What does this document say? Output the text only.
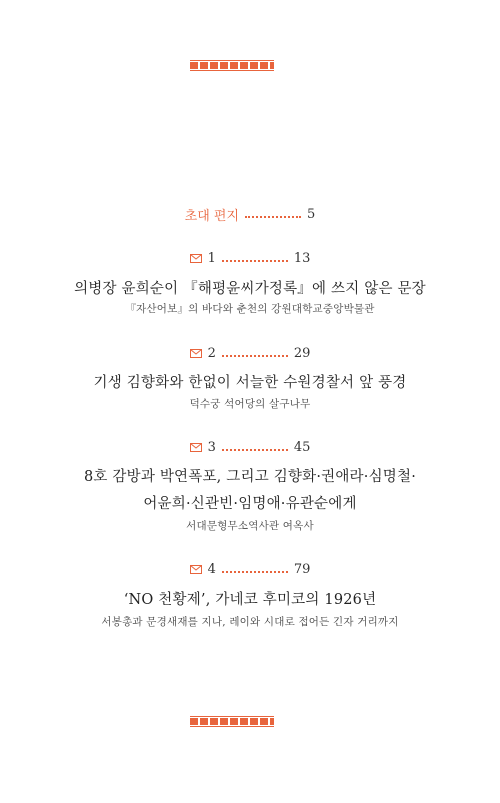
초대 편지	5
1	13
의병장 윤희순이 『해평윤씨가정록』에 쓰지 않은 문장
『자산어보』의 바다와 춘천의 강원대학교중앙박물관
2	29
기생 김향화와 한없이 서늘한 수원경찰서 앞 풍경
덕수궁 석어당의 살구나무
3	45
8호 감방과 박연폭포, 그리고 김향화·권애라·심명철·
어윤희·신관빈·임명애·유관순에게
서대문형무소역사관 여옥사
4	79
‘NO 천황제’, 가네코 후미코의 1926년
서봉총과 문경새재를 지나, 레이와 시대로 접어든 긴자 거리까지
